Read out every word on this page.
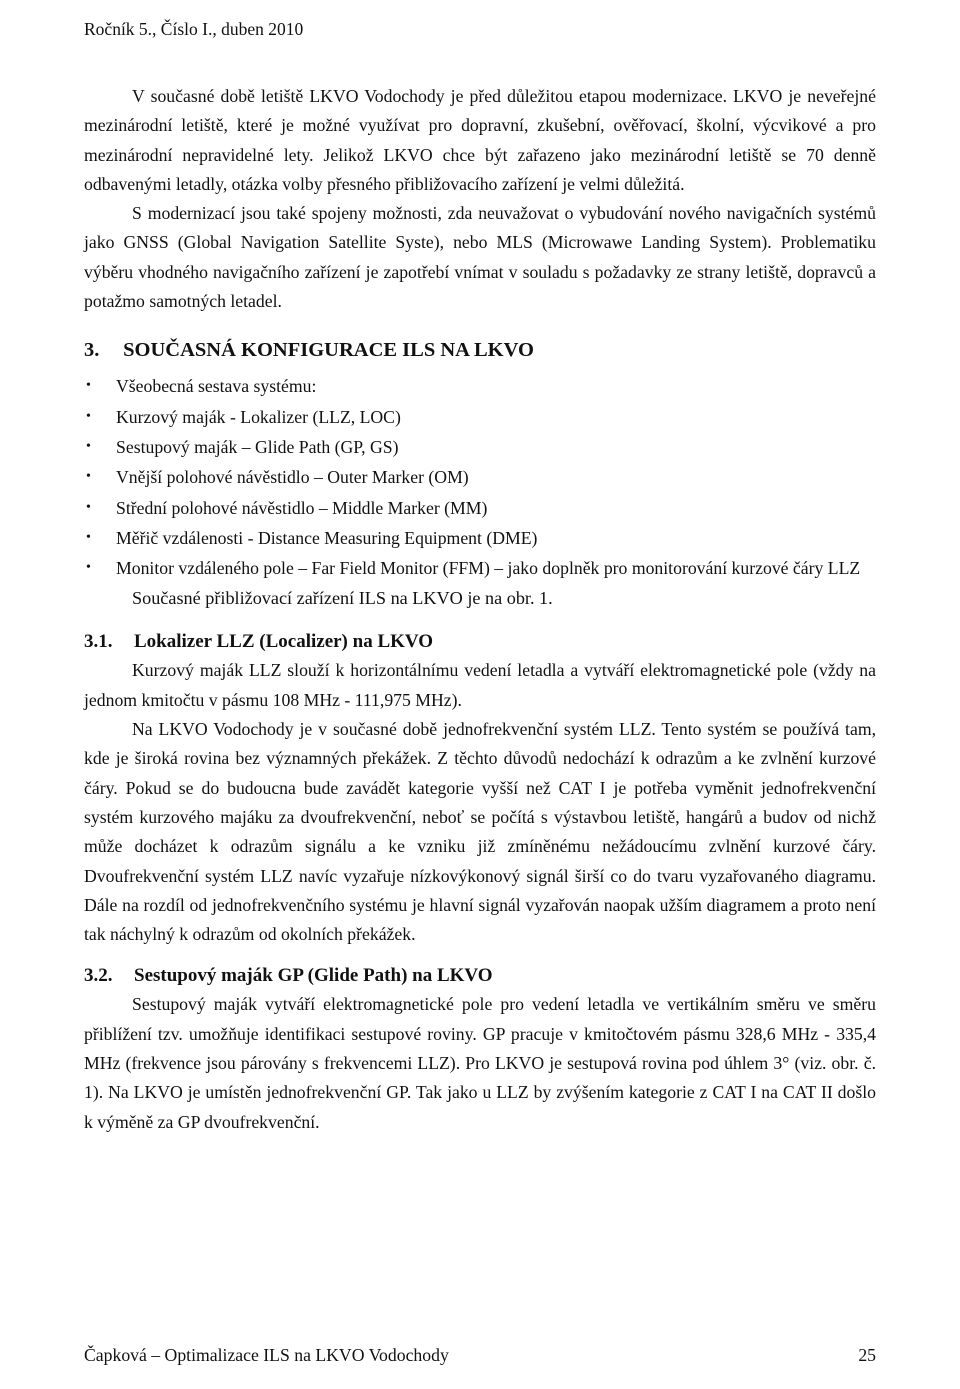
Ročník 5., Číslo I., duben 2010

V současné době letiště LKVO Vodochody je před důležitou etapou modernizace. LKVO je neveřejné mezinárodní letiště, které je možné využívat pro dopravní, zkušební, ověřovací, školní, výcvikové a pro mezinárodní nepravidelné lety. Jelikož LKVO chce být zařazeno jako mezinárodní letiště se 70 denně odbavenými letadly, otázka volby přesného přibližovacího zařízení je velmi důležitá.

S modernizací jsou také spojeny možnosti, zda neuvažovat o vybudování nového navigačních systémů jako GNSS (Global Navigation Satellite Syste), nebo MLS (Microwawe Landing System). Problematiku výběru vhodného navigačního zařízení je zapotřebí vnímat v souladu s požadavky ze strany letiště, dopravců a potažmo samotných letadel.

3. SOUČASNÁ KONFIGURACE ILS NA LKVO
• Všeobecná sestava systému:
• Kurzový maják - Lokalizer (LLZ, LOC)
• Sestupový maják – Glide Path (GP, GS)
• Vnější polohové návěstidlo – Outer Marker (OM)
• Střední polohové návěstidlo – Middle Marker (MM)
• Měřič vzdálenosti - Distance Measuring Equipment (DME)
• Monitor vzdáleného pole – Far Field Monitor (FFM) – jako doplněk pro monitorování kurzové čáry LLZ
Současné přibližovací zařízení ILS na LKVO je na obr. 1.
3.1.	Lokalizer LLZ (Localizer) na LKVO

Kurzový maják LLZ slouží k horizontálnímu vedení letadla a vytváří elektromagnetické pole (vždy na jednom kmitočtu v pásmu 108 MHz - 111,975 MHz).

Na LKVO Vodochody je v současné době jednofrekvenční systém LLZ. Tento systém se používá tam, kde je široká rovina bez významných překážek. Z těchto důvodů nedochází k odrazům a ke zvlnění kurzové čáry. Pokud se do budoucna bude zavádět kategorie vyšší než CAT I je potřeba vyměnit jednofrekvenční systém kurzového majáku za dvoufrekvenční, neboť se počítá s výstavbou letiště, hangárů a budov od nichž může docházet k odrazům signálu a ke vzniku již zmíněnému nežádoucímu zvlnění kurzové čáry. Dvoufrekvenční systém LLZ navíc vyzařuje nízkovýkonový signál širší co do tvaru vyzařovaného diagramu. Dále na rozdíl od jednofrekvenčního systému je hlavní signál vyzařován naopak užším diagramem a proto není tak náchylný k odrazům od okolních překážek.

3.2.	Sestupový maják GP (Glide Path) na LKVO

Sestupový maják vytváří elektromagnetické pole pro vedení letadla ve vertikálním směru ve směru přiblížení tzv. umožňuje identifikaci sestupové roviny. GP pracuje v kmitočtovém pásmu 328,6 MHz - 335,4 MHz (frekvence jsou párovány s frekvencemi LLZ). Pro LKVO je sestupová rovina pod úhlem 3° (viz. obr. č. 1). Na LKVO je umístěn jednofrekvenční GP. Tak jako u LLZ by zvýšením kategorie z CAT I na CAT II došlo k výměně za GP dvoufrekvenční.

Čapková – Optimalizace ILS na LKVO Vodochody	25
